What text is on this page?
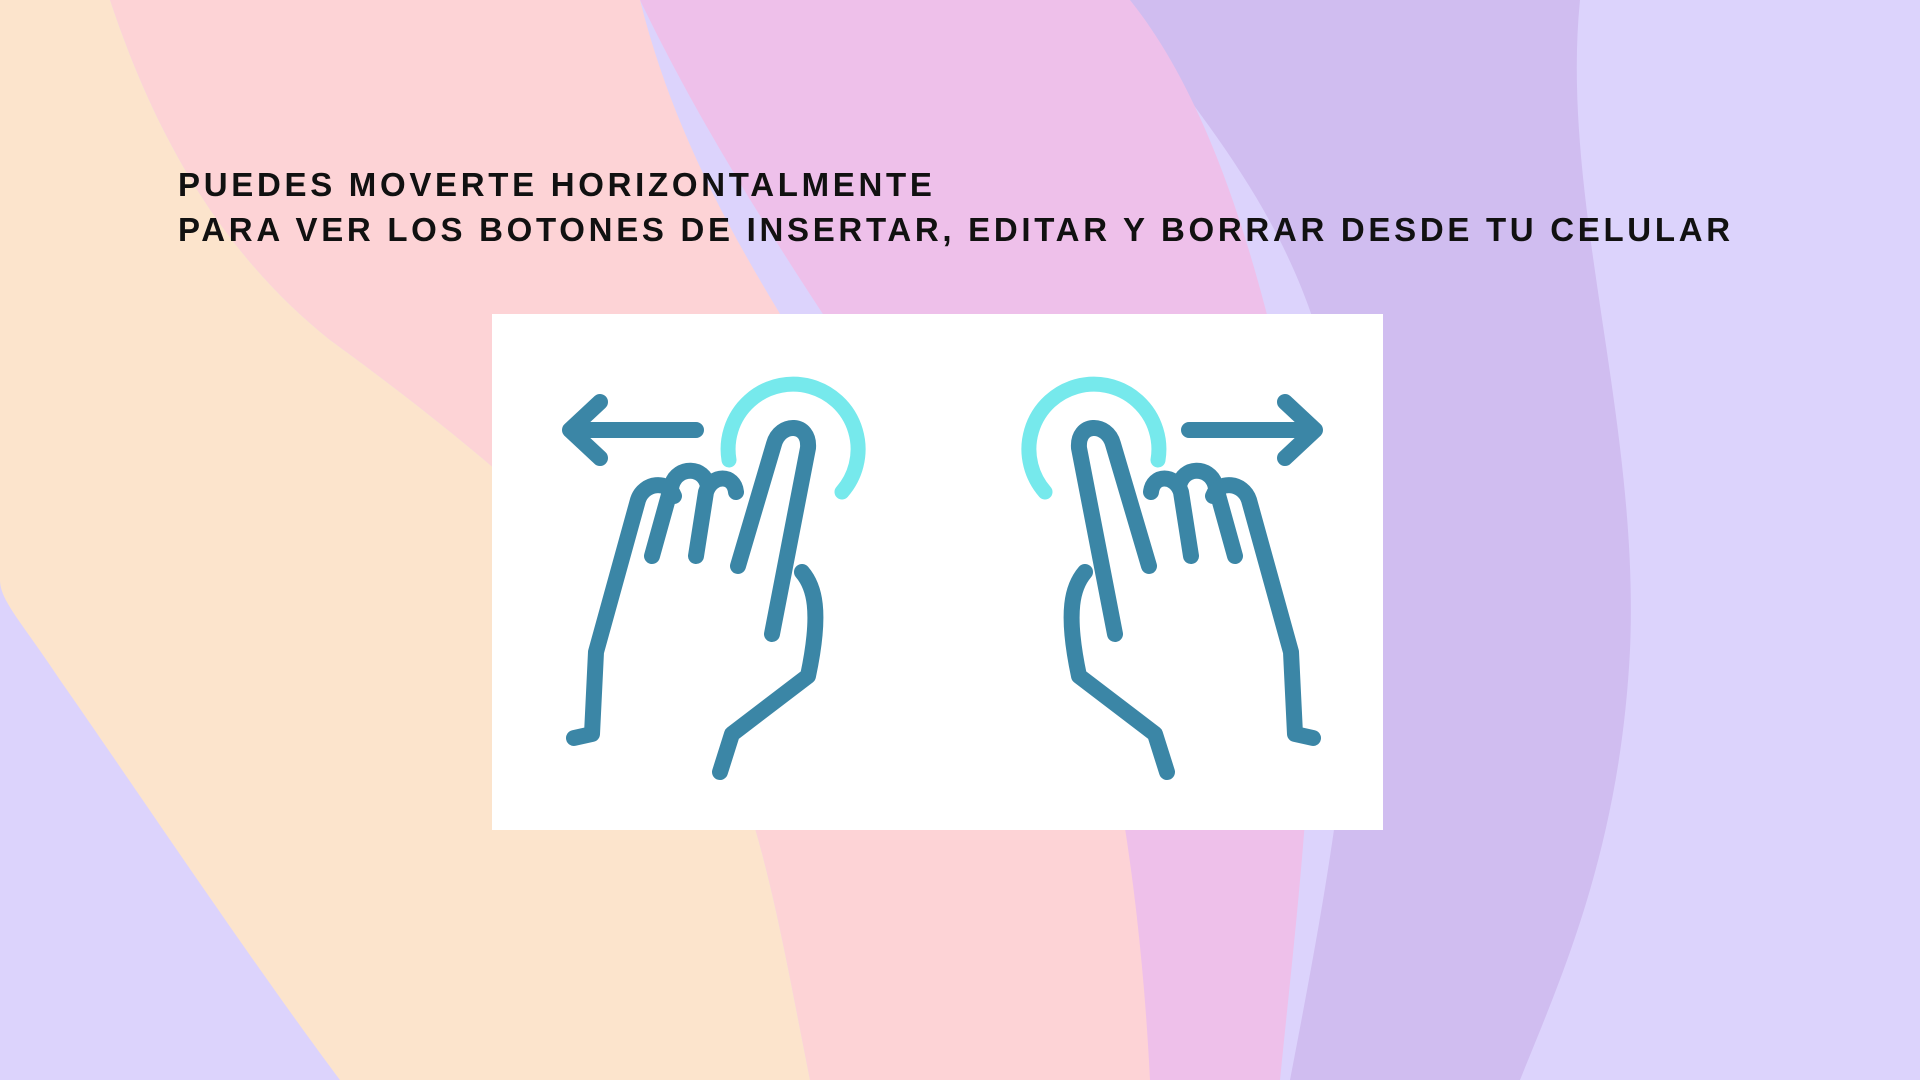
PUEDES MOVERTE HORIZONTALMENTE
PARA VER LOS BOTONES DE INSERTAR, EDITAR Y BORRAR DESDE TU CELULAR
